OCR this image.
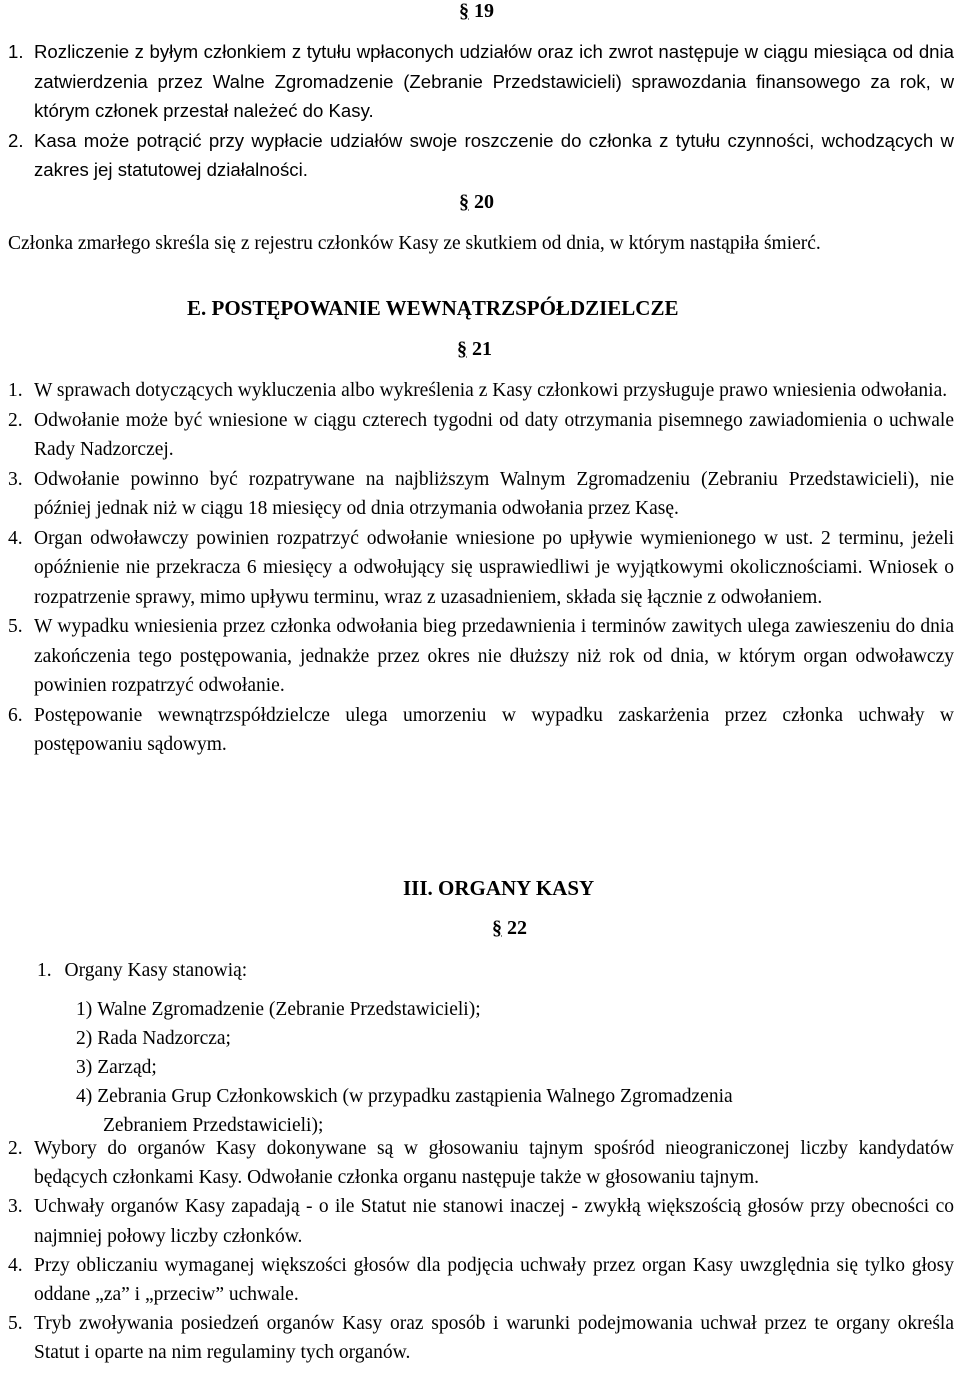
§ 19
1. Rozliczenie z byłym członkiem z tytułu wpłaconych udziałów oraz ich zwrot następuje w ciągu miesiąca od dnia zatwierdzenia przez Walne Zgromadzenie (Zebranie Przedstawicieli) sprawozdania finansowego za rok, w którym członek przestał należeć do Kasy.
2. Kasa może potrącić przy wypłacie udziałów swoje roszczenie do członka z tytułu czynności, wchodzących w zakres jej statutowej działalności.
§ 20
Członka zmarłego skreśla się z rejestru członków Kasy ze skutkiem od dnia, w którym nastąpiła śmierć.
E. POSTĘPOWANIE WEWNĄTRZSPÓŁDZIELCZE
§ 21
1. W sprawach dotyczących wykluczenia albo wykreślenia z Kasy członkowi przysługuje prawo wniesienia odwołania.
2. Odwołanie może być wniesione w ciągu czterech tygodni od daty otrzymania pisemnego zawiadomienia o uchwale Rady Nadzorczej.
3. Odwołanie powinno być rozpatrywane na najbliższym Walnym Zgromadzeniu (Zebraniu Przedstawicieli), nie później jednak niż w ciągu 18 miesięcy od dnia otrzymania odwołania przez Kasę.
4. Organ odwoławczy powinien rozpatrzyć odwołanie wniesione po upływie wymienionego w ust. 2 terminu, jeżeli opóźnienie nie przekracza 6 miesięcy a odwołujący się usprawiedliwi je wyjątkowymi okolicznościami. Wniosek o rozpatrzenie sprawy, mimo upływu terminu, wraz z uzasadnieniem, składa się łącznie z odwołaniem.
5. W wypadku wniesienia przez członka odwołania bieg przedawnienia i terminów zawitych ulega zawieszeniu do dnia zakończenia tego postępowania, jednakże przez okres nie dłuższy niż rok od dnia, w którym organ odwoławczy powinien rozpatrzyć odwołanie.
6. Postępowanie wewnątrzspółdzielcze ulega umorzeniu w wypadku zaskarżenia przez członka uchwały w postępowaniu sądowym.
III. ORGANY KASY
§ 22
1. Organy Kasy stanowią:
1) Walne Zgromadzenie (Zebranie Przedstawicieli);
2) Rada Nadzorcza;
3) Zarząd;
4) Zebrania Grup Członkowskich (w przypadku zastąpienia Walnego Zgromadzenia
Zebraniem Przedstawicieli);
2. Wybory do organów Kasy dokonywane są w głosowaniu tajnym spośród nieograniczonej liczby kandydatów będących członkami Kasy. Odwołanie członka organu następuje także w głosowaniu tajnym.
3. Uchwały organów Kasy zapadają - o ile Statut nie stanowi inaczej - zwykłą większością głosów przy obecności co najmniej połowy liczby członków.
4. Przy obliczaniu wymaganej większości głosów dla podjęcia uchwały przez organ Kasy uwzględnia się tylko głosy oddane „za” i „przeciw” uchwale.
5. Tryb zwoływania posiedzeń organów Kasy oraz sposób i warunki podejmowania uchwał przez te organy określa Statut i oparte na nim regulaminy tych organów.
